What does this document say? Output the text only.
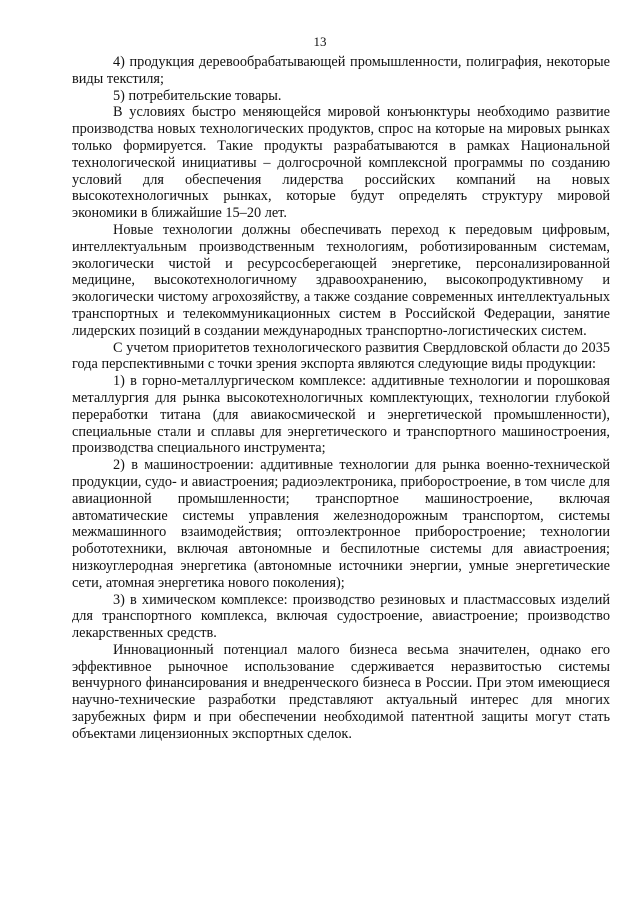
13

4) продукция деревообрабатывающей промышленности, полиграфия, некоторые виды текстиля;

5) потребительские товары.

В условиях быстро меняющейся мировой конъюнктуры необходимо развитие производства новых технологических продуктов, спрос на которые на мировых рынках только формируется. Такие продукты разрабатываются в рамках Национальной технологической инициативы – долгосрочной комплексной программы по созданию условий для обеспечения лидерства российских компаний на новых высокотехнологичных рынках, которые будут определять структуру мировой экономики в ближайшие 15–20 лет.

Новые технологии должны обеспечивать переход к передовым цифровым, интеллектуальным производственным технологиям, роботизированным системам, экологически чистой и ресурсосберегающей энергетике, персонализированной медицине, высокотехнологичному здравоохранению, высокопродуктивному и экологически чистому агрохозяйству, а также создание современных интеллектуальных транспортных и телекоммуникационных систем в Российской Федерации, занятие лидерских позиций в создании международных транспортно-логистических систем.

С учетом приоритетов технологического развития Свердловской области до 2035 года перспективными с точки зрения экспорта являются следующие виды продукции:

1) в горно-металлургическом комплексе: аддитивные технологии и порошковая металлургия для рынка высокотехнологичных комплектующих, технологии глубокой переработки титана (для авиакосмической и энергетической промышленности), специальные стали и сплавы для энергетического и транспортного машиностроения, производства специального инструмента;

2) в машиностроении: аддитивные технологии для рынка военно-технической продукции, судо- и авиастроения; радиоэлектроника, приборостроение, в том числе для авиационной промышленности; транспортное машиностроение, включая автоматические системы управления железнодорожным транспортом, системы межмашинного взаимодействия; оптоэлектронное приборостроение; технологии робототехники, включая автономные и беспилотные системы для авиастроения; низкоуглеродная энергетика (автономные источники энергии, умные энергетические сети, атомная энергетика нового поколения);

3) в химическом комплексе: производство резиновых и пластмассовых изделий для транспортного комплекса, включая судостроение, авиастроение; производство лекарственных средств.

Инновационный потенциал малого бизнеса весьма значителен, однако его эффективное рыночное использование сдерживается неразвитостью системы венчурного финансирования и внедренческого бизнеса в России. При этом имеющиеся научно-технические разработки представляют актуальный интерес для многих зарубежных фирм и при обеспечении необходимой патентной защиты могут стать объектами лицензионных экспортных сделок.
